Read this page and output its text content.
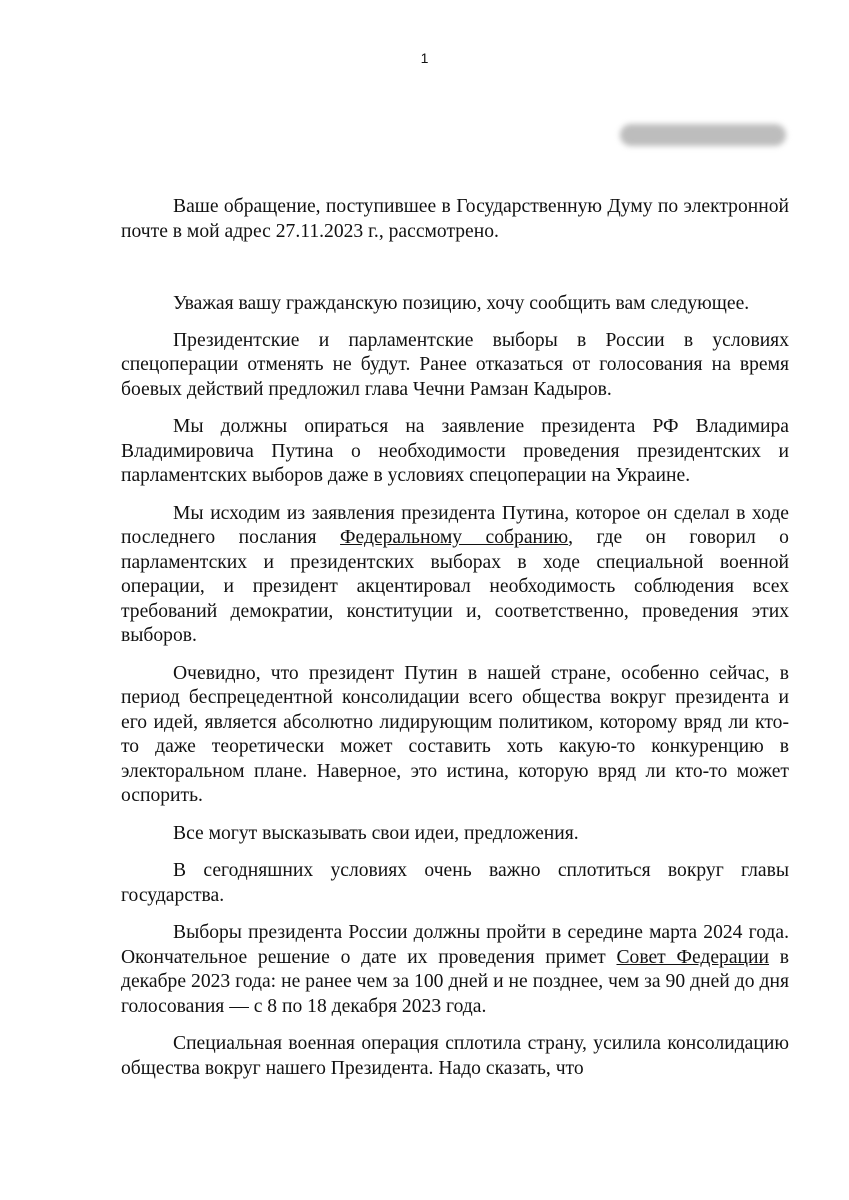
1

Ваше обращение, поступившее в Государственную Думу по электронной почте в мой адрес 27.11.2023 г., рассмотрено.

Уважая вашу гражданскую позицию, хочу сообщить вам следующее.

Президентские и парламентские выборы в России в условиях спецоперации отменять не будут. Ранее отказаться от голосования на время боевых действий предложил глава Чечни Рамзан Кадыров.

Мы должны опираться на заявление президента РФ Владимира Владимировича Путина о необходимости проведения президентских и парламентских выборов даже в условиях спецоперации на Украине.

Мы исходим из заявления президента Путина, которое он сделал в ходе последнего послания Федеральному собранию, где он говорил о парламентских и президентских выборах в ходе специальной военной операции, и президент акцентировал необходимость соблюдения всех требований демократии, конституции и, соответственно, проведения этих выборов.

Очевидно, что президент Путин в нашей стране, особенно сейчас, в период беспрецедентной консолидации всего общества вокруг президента и его идей, является абсолютно лидирующим политиком, которому вряд ли кто-то даже теоретически может составить хоть какую-то конкуренцию в электоральном плане. Наверное, это истина, которую вряд ли кто-то может оспорить.

Все могут высказывать свои идеи, предложения.

В сегодняшних условиях очень важно сплотиться вокруг главы государства.

Выборы президента России должны пройти в середине марта 2024 года. Окончательное решение о дате их проведения примет Совет Федерации в декабре 2023 года: не ранее чем за 100 дней и не позднее, чем за 90 дней до дня голосования — с 8 по 18 декабря 2023 года.

Специальная военная операция сплотила страну, усилила консолидацию общества вокруг нашего Президента. Надо сказать, что
